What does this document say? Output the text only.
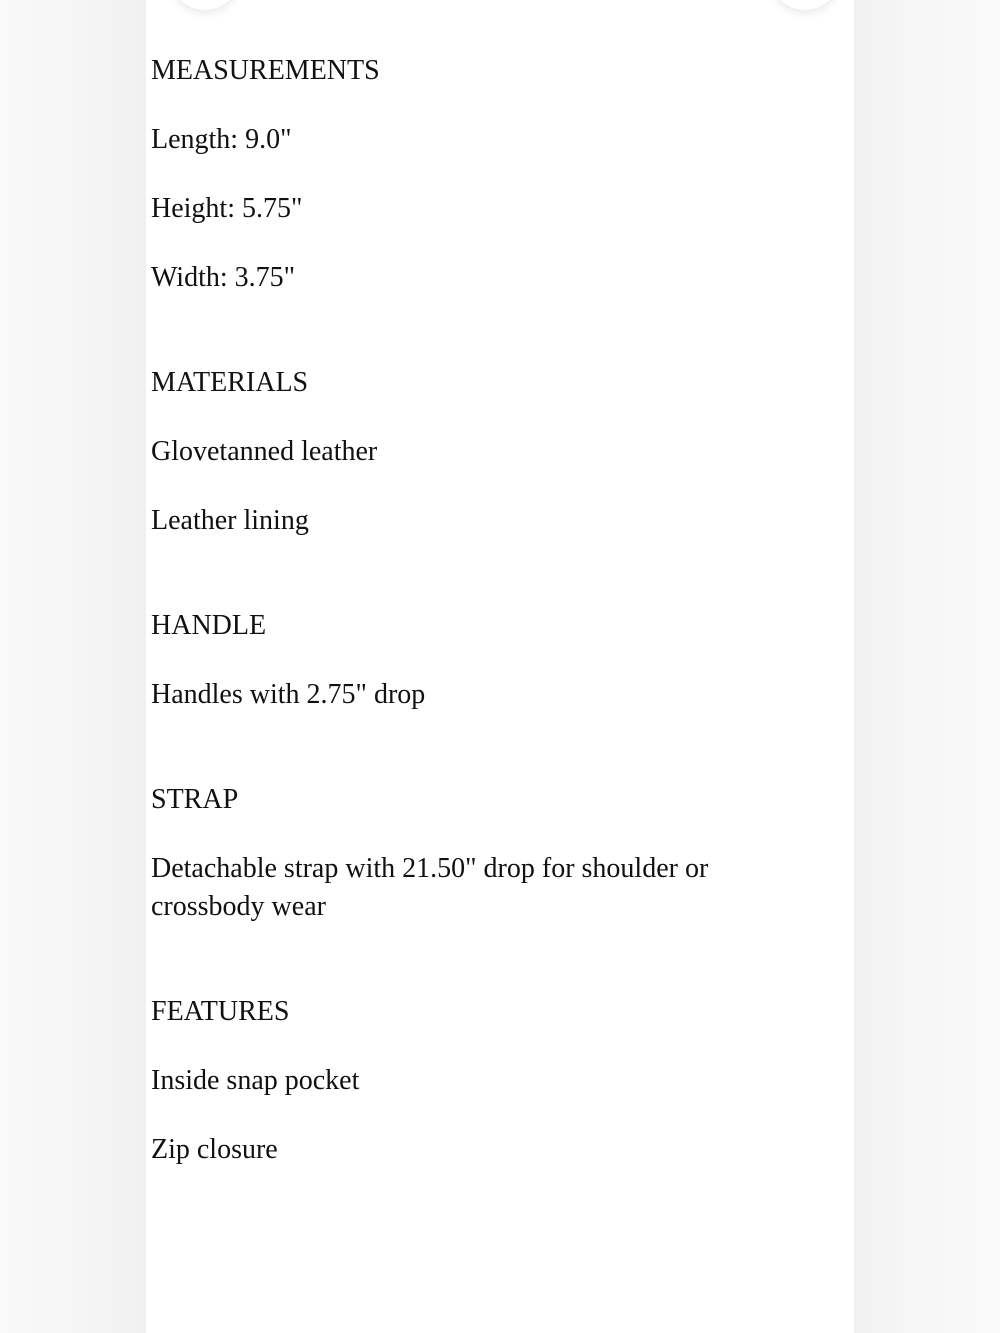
MEASUREMENTS

Length: 9.0"

Height: 5.75"

Width: 3.75"

MATERIALS

Glovetanned leather

Leather lining

HANDLE

Handles with 2.75" drop

STRAP

Detachable strap with 21.50" drop for shoulder or crossbody wear

FEATURES

Inside snap pocket

Zip closure
